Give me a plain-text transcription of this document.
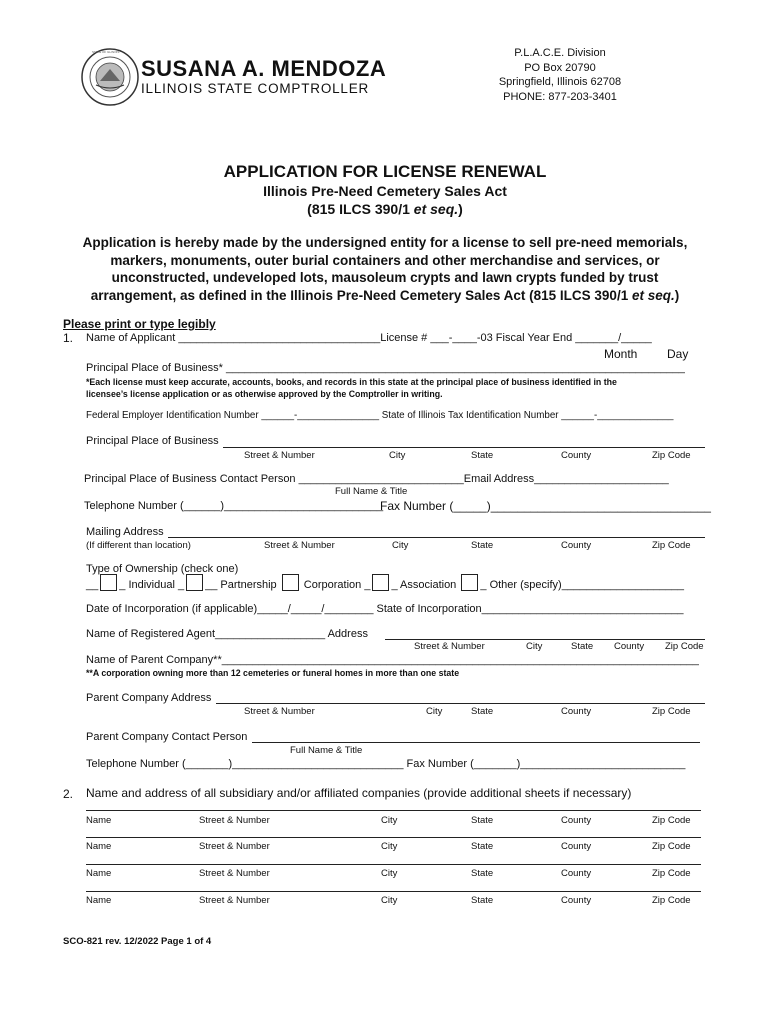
STATE OF ILLINOIS
SUSANA A. MENDOZA
ILLINOIS STATE COMPTROLLER
P.L.A.C.E. Division
PO Box 20790
Springfield, Illinois 62708
PHONE: 877-203-3401
APPLICATION FOR LICENSE RENEWAL
Illinois Pre-Need Cemetery Sales Act
(815 ILCS 390/1 et seq.)
Application is hereby made by the undersigned entity for a license to sell pre-need memorials,
markers, monuments, outer burial containers and other merchandise and services, or
unconstructed, undeveloped lots, mausoleum crypts and lawn crypts funded by trust
arrangement, as defined in the Illinois Pre-Need Cemetery Sales Act (815 ILCS 390/1 et seq.)
Please print or type legibly
1. Name of Applicant _________________________________License # ___-____-03 Fiscal Year End _______/_____
Month Day
Principal Place of Business* ___________________________________________________________________________
*Each license must keep accurate, accounts, books, and records in this state at the principal place of business identified in the
licensee’s license application or as otherwise approved by the Comptroller in writing.
Federal Employer Identification Number ______-_______________ State of Illinois Tax Identification Number ______-______________
Principal Place of Business
Street & Number	City	State	County	Zip Code
Principal Place of Business Contact Person ___________________________Email Address______________________
Full Name & Title
Telephone Number (______)__________________________
Fax Number (_____)_________________________________
Mailing Address
(If different than location)	Street & Number	City	State	County	Zip Code
Type of Ownership (check one)
__ _ Individual _ __ Partnership Corporation _ _ Association _ Other (specify)____________________
Date of Incorporation (if applicable)_____/_____/________ State of Incorporation_________________________________
Name of Registered Agent__________________ Address
Street & Number	City	State County Zip Code
Name of Parent Company**______________________________________________________________________________
**A corporation owning more than 12 cemeteries or funeral homes in more than one state
Parent Company Address
Street & Number	City	State	County	Zip Code
Parent Company Contact Person
Full Name & Title
Telephone Number (_______)____________________________ Fax Number (_______)___________________________
2. Name and address of all subsidiary and/or affiliated companies (provide additional sheets if necessary)
Name	Street & Number	City	State	County	Zip Code
Name	Street & Number	City	State	County	Zip Code
Name	Street & Number	City	State	County	Zip Code
Name	Street & Number	City	State	County	Zip Code
SCO-821 rev. 12/2022 Page 1 of 4
